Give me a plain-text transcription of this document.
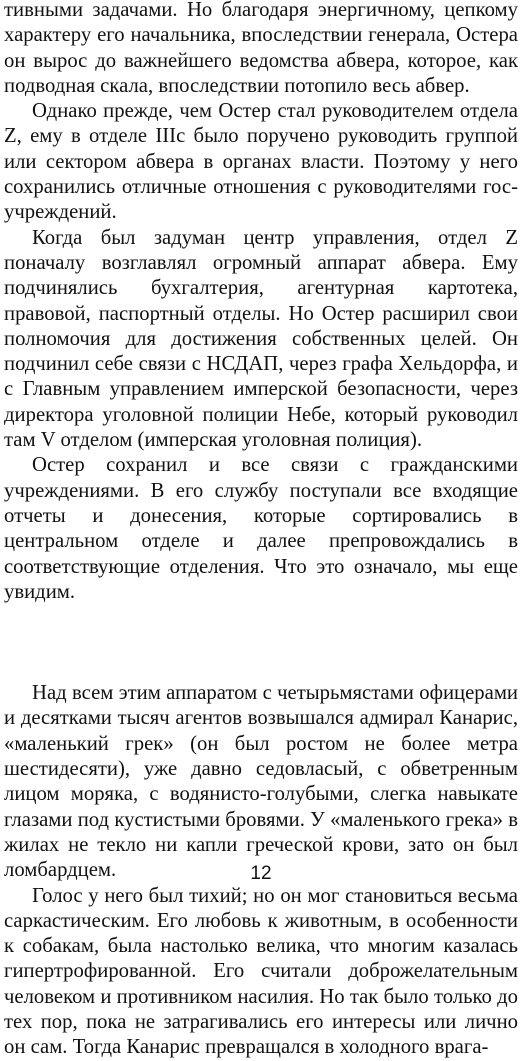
тивными задачами. Но благодаря энергичному, цепкому характеру его начальника, впоследствии генерала, Остера он вырос до важнейшего ведомства абвера, которое, как подводная скала, впоследствии потопило весь абвер.

Однако прежде, чем Остер стал руководителем отдела Z, ему в отделе IIIc было поручено руководить группой или сектором абвера в органах власти. Поэтому у него сохранились отличные отношения с руководителями госучреждений.

Когда был задуман центр управления, отдел Z поначалу возглавлял огромный аппарат абвера. Ему подчинялись бухгалтерия, агентурная картотека, правовой, паспортный отделы. Но Остер расширил свои полномочия для достижения собственных целей. Он подчинил себе связи с НСДАП, через графа Хельдорфа, и с Главным управлением имперской безопасности, через директора уголовной полиции Небе, который руководил там V отделом (имперская уголовная полиция).

Остер сохранил и все связи с гражданскими учреждениями. В его службу поступали все входящие отчеты и донесения, которые сортировались в центральном отделе и далее препровождались в соответствующие отделения. Что это означало, мы еще увидим.

Над всем этим аппаратом с четырьмястами офицерами и десятками тысяч агентов возвышался адмирал Канарис, «маленький грек» (он был ростом не более метра шестидесяти), уже давно седовласый, с обветренным лицом моряка, с водянисто-голубыми, слегка навыкате глазами под кустистыми бровями. У «маленького грека» в жилах не текло ни капли греческой крови, зато он был ломбардцем.

Голос у него был тихий; но он мог становиться весьма саркастическим. Его любовь к животным, в особенности к собакам, была настолько велика, что многим казалась гипертрофированной. Его считали доброжелательным человеком и противником насилия. Но так было только до тех пор, пока не затрагивались его интересы или лично он сам. Тогда Канарис превращался в холодного врага-

12
